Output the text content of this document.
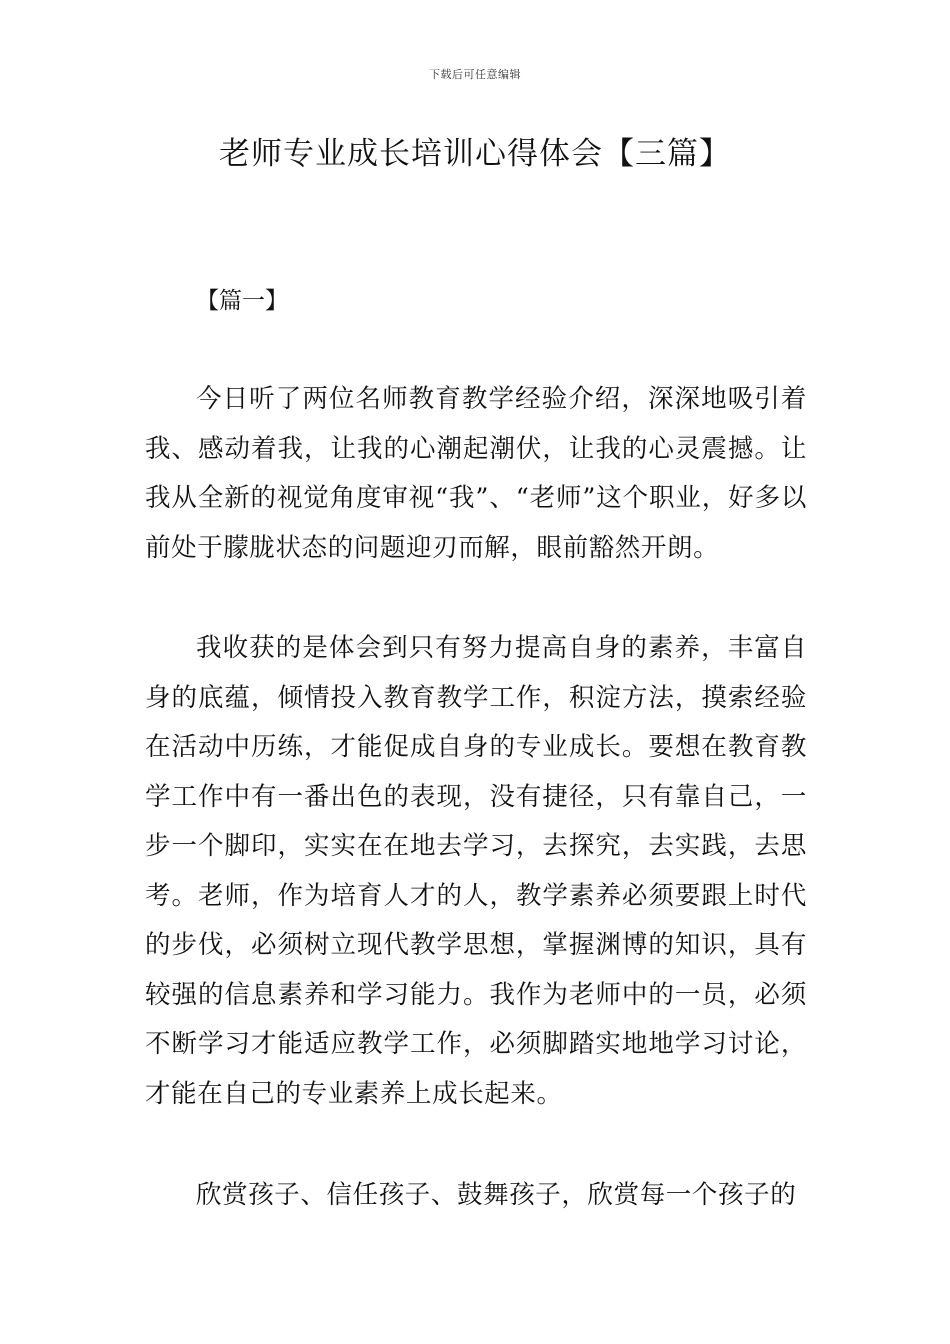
下载后可任意编辑
老师专业成长培训心得体会【三篇】
【篇一】

今日听了两位名师教育教学经验介绍，深深地吸引着我、感动着我，让我的心潮起潮伏，让我的心灵震撼。让我从全新的视觉角度审视“我”、“老师”这个职业，好多以前处于朦胧状态的问题迎刃而解，眼前豁然开朗。

我收获的是体会到只有努力提高自身的素养，丰富自身的底蕴，倾情投入教育教学工作，积淀方法，摸索经验在活动中历练，才能促成自身的专业成长。要想在教育教学工作中有一番出色的表现，没有捷径，只有靠自己，一步一个脚印，实实在在地去学习，去探究，去实践，去思考。老师，作为培育人才的人，教学素养必须要跟上时代的步伐，必须树立现代教学思想，掌握渊博的知识，具有较强的信息素养和学习能力。我作为老师中的一员，必须不断学习才能适应教学工作，必须脚踏实地地学习讨论，才能在自己的专业素养上成长起来。

欣赏孩子、信任孩子、鼓舞孩子，欣赏每一个孩子的
